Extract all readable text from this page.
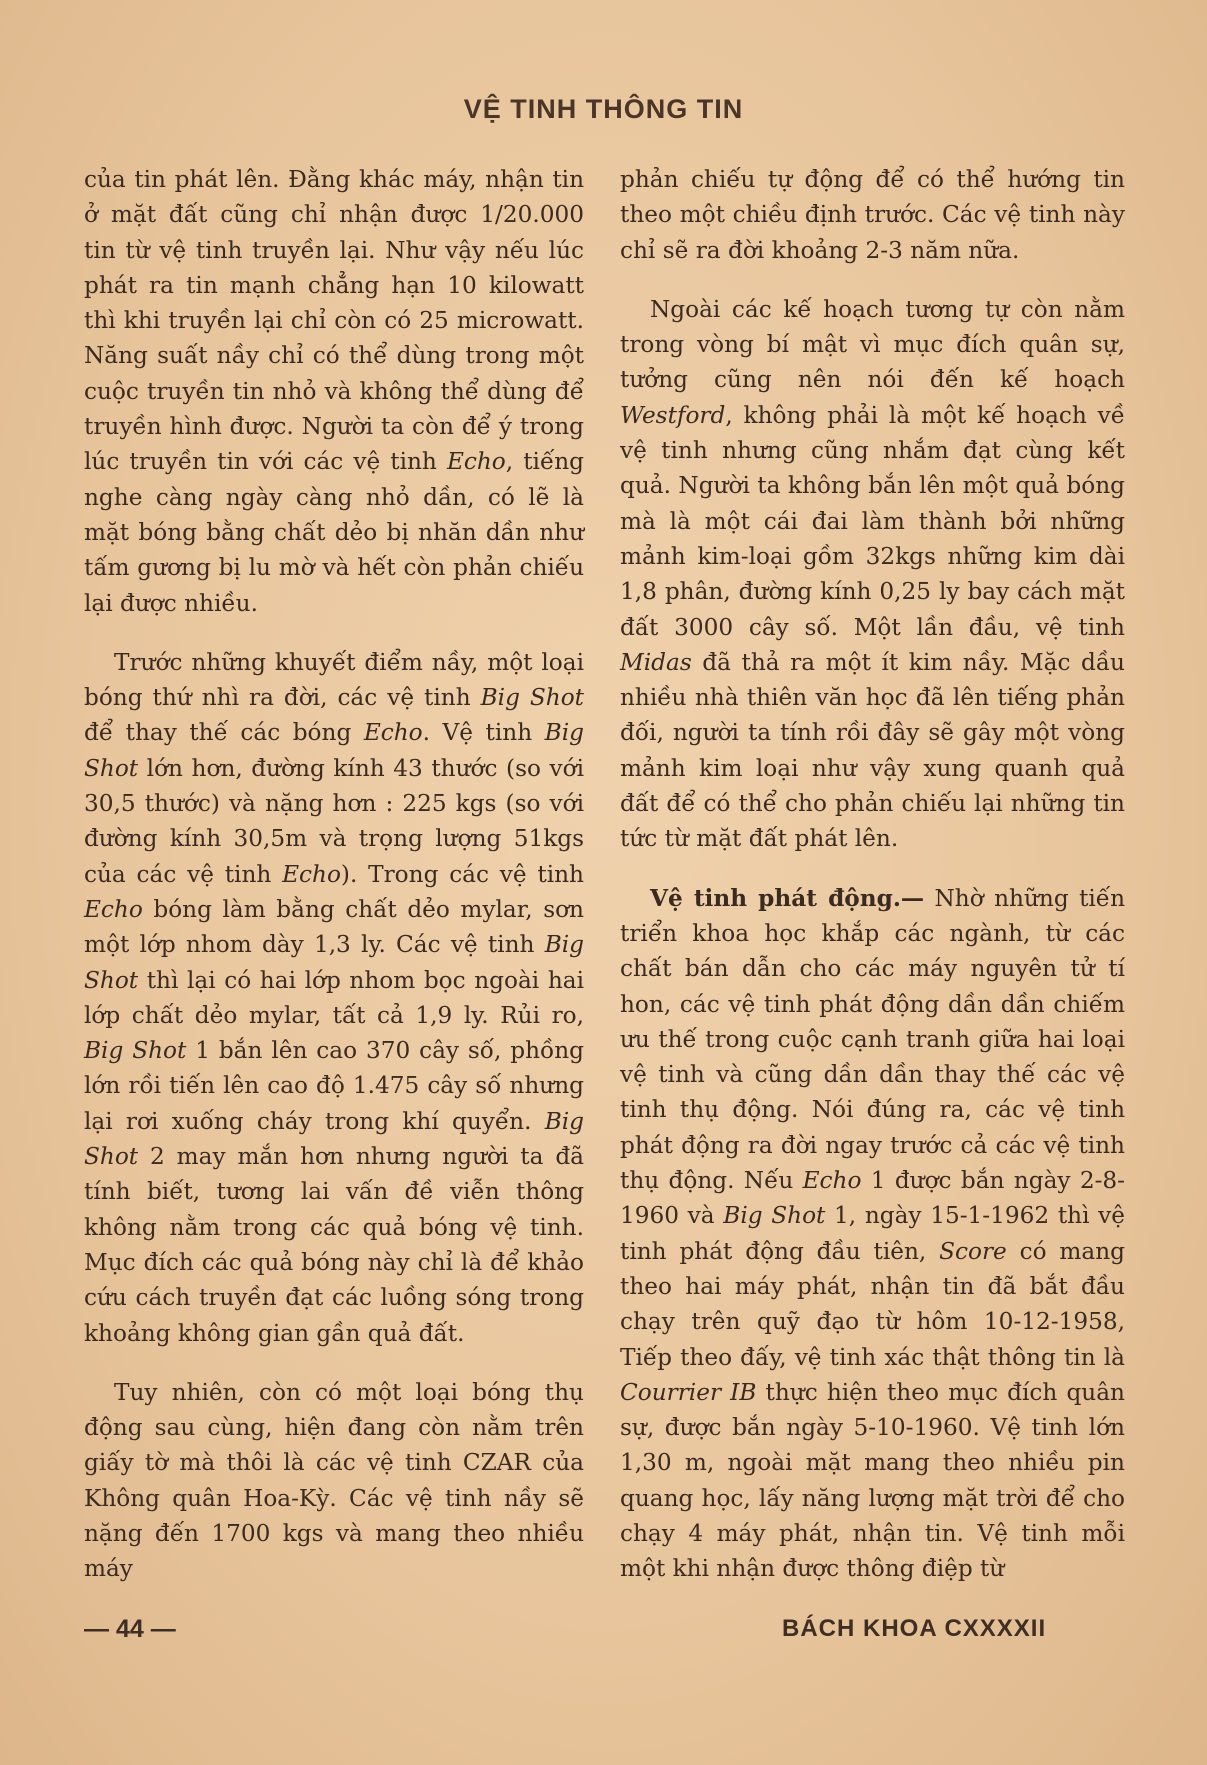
VỆ TINH THÔNG TIN

của tin phát lên. Đằng khác máy, nhận tin ở mặt đất cũng chỉ nhận được 1/20.000 tin từ vệ tinh truyền lại. Như vậy nếu lúc phát ra tin mạnh chẳng hạn 10 kilowatt thì khi truyền lại chỉ còn có 25 microwatt. Năng suất nầy chỉ có thể dùng trong một cuộc truyền tin nhỏ và không thể dùng để truyền hình được. Người ta còn để ý trong lúc truyền tin với các vệ tinh Echo, tiếng nghe càng ngày càng nhỏ dần, có lẽ là mặt bóng bằng chất dẻo bị nhăn dần như tấm gương bị lu mờ và hết còn phản chiếu lại được nhiều.

Trước những khuyết điểm nầy, một loại bóng thứ nhì ra đời, các vệ tinh Big Shot để thay thế các bóng Echo. Vệ tinh Big Shot lớn hơn, đường kính 43 thước (so với 30,5 thước) và nặng hơn : 225 kgs (so với đường kính 30,5m và trọng lượng 51kgs của các vệ tinh Echo). Trong các vệ tinh Echo bóng làm bằng chất dẻo mylar, sơn một lớp nhom dày 1,3 ly. Các vệ tinh Big Shot thì lại có hai lớp nhom bọc ngoài hai lớp chất dẻo mylar, tất cả 1,9 ly. Rủi ro, Big Shot 1 bắn lên cao 370 cây số, phồng lớn rồi tiến lên cao độ 1.475 cây số nhưng lại rơi xuống cháy trong khí quyển. Big Shot 2 may mắn hơn nhưng người ta đã tính biết, tương lai vấn đề viễn thông không nằm trong các quả bóng vệ tinh. Mục đích các quả bóng này chỉ là để khảo cứu cách truyền đạt các luồng sóng trong khoảng không gian gần quả đất.

Tuy nhiên, còn có một loại bóng thụ động sau cùng, hiện đang còn nằm trên giấy tờ mà thôi là các vệ tinh CZAR của Không quân Hoa-Kỳ. Các vệ tinh nầy sẽ nặng đến 1700 kgs và mang theo nhiều máy

phản chiếu tự động để có thể hướng tin theo một chiều định trước. Các vệ tinh này chỉ sẽ ra đời khoảng 2-3 năm nữa.

Ngoài các kế hoạch tương tự còn nằm trong vòng bí mật vì mục đích quân sự, tưởng cũng nên nói đến kế hoạch Westford, không phải là một kế hoạch về vệ tinh nhưng cũng nhắm đạt cùng kết quả. Người ta không bắn lên một quả bóng mà là một cái đai làm thành bởi những mảnh kim-loại gồm 32kgs những kim dài 1,8 phân, đường kính 0,25 ly bay cách mặt đất 3000 cây số. Một lần đầu, vệ tinh Midas đã thả ra một ít kim nầy. Mặc dầu nhiều nhà thiên văn học đã lên tiếng phản đối, người ta tính rồi đây sẽ gây một vòng mảnh kim loại như vậy xung quanh quả đất để có thể cho phản chiếu lại những tin tức từ mặt đất phát lên.

Vệ tinh phát động.— Nhờ những tiến triển khoa học khắp các ngành, từ các chất bán dẫn cho các máy nguyên tử tí hon, các vệ tinh phát động dần dần chiếm ưu thế trong cuộc cạnh tranh giữa hai loại vệ tinh và cũng dần dần thay thế các vệ tinh thụ động. Nói đúng ra, các vệ tinh phát động ra đời ngay trước cả các vệ tinh thụ động. Nếu Echo 1 được bắn ngày 2-8-1960 và Big Shot 1, ngày 15-1-1962 thì vệ tinh phát động đầu tiên, Score có mang theo hai máy phát, nhận tin đã bắt đầu chạy trên quỹ đạo từ hôm 10-12-1958, Tiếp theo đấy, vệ tinh xác thật thông tin là Courrier IB thực hiện theo mục đích quân sự, được bắn ngày 5-10-1960. Vệ tinh lớn 1,30 m, ngoài mặt mang theo nhiều pin quang học, lấy năng lượng mặt trời để cho chạy 4 máy phát, nhận tin. Vệ tinh mỗi một khi nhận được thông điệp từ

— 44 —	BÁCH KHOA CXXXXII
